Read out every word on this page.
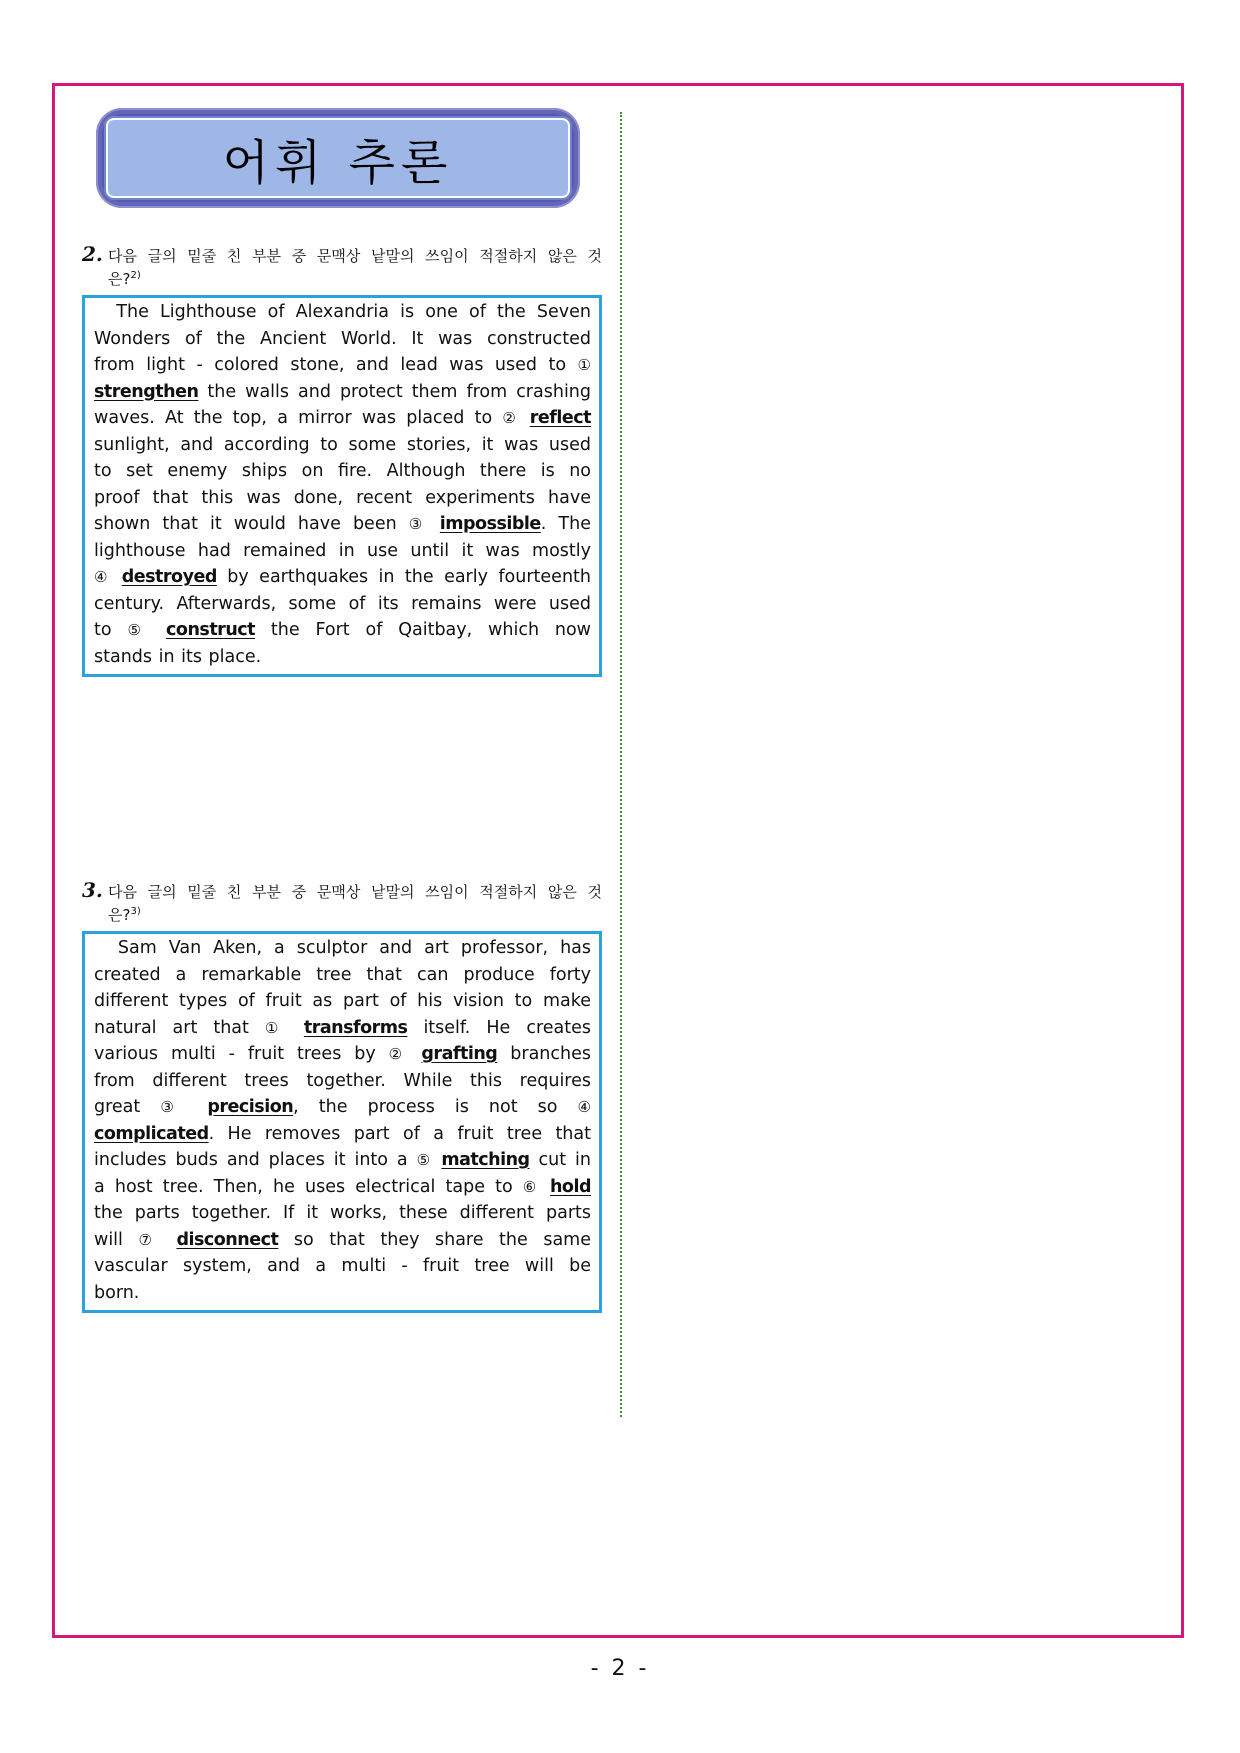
어휘 추론
2. 다음 글의 밑줄 친 부분 중 문맥상 낱말의 쓰임이 적절하지 않은 것
은?$^{2)}$
The Lighthouse of Alexandria is one of the Seven
Wonders of the Ancient World. It was constructed
from light - colored stone, and lead was used to ①
strengthen the walls and protect them from crashing
waves. At the top, a mirror was placed to ② reflect
sunlight, and according to some stories, it was used
to set enemy ships on fire. Although there is no
proof that this was done, recent experiments have
shown that it would have been ③ impossible. The
lighthouse had remained in use until it was mostly
④ destroyed by earthquakes in the early fourteenth
century. Afterwards, some of its remains were used
to ⑤ construct the Fort of Qaitbay, which now
stands in its place.
3. 다음 글의 밑줄 친 부분 중 문맥상 낱말의 쓰임이 적절하지 않은 것
은?$^{3)}$
Sam Van Aken, a sculptor and art professor, has
created a remarkable tree that can produce forty
different types of fruit as part of his vision to make
natural art that ① transforms itself. He creates
various multi - fruit trees by ② grafting branches
from different trees together. While this requires
great ③ precision, the process is not so ④
complicated. He removes part of a fruit tree that
includes buds and places it into a ⑤ matching cut in
a host tree. Then, he uses electrical tape to ⑥ hold
the parts together. If it works, these different parts
will ⑦ disconnect so that they share the same
vascular system, and a multi - fruit tree will be
born.
- 2 -
